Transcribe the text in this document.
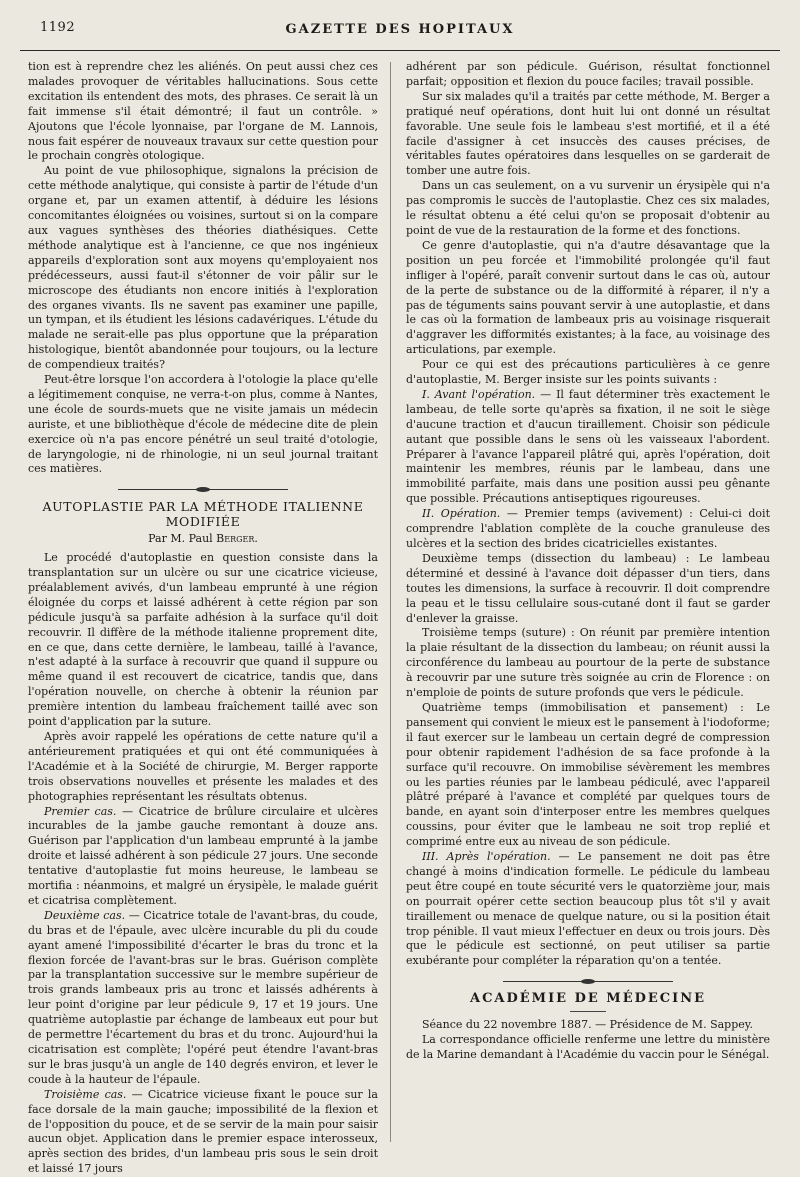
1192	GAZETTE DES HOPITAUX

tion est à reprendre chez les aliénés. On peut aussi chez ces malades provoquer de véritables hallucinations. Sous cette excitation ils entendent des mots, des phrases. Ce serait là un fait immense s'il était démontré; il faut un contrôle. » Ajoutons que l'école lyonnaise, par l'organe de M. Lannois, nous fait espérer de nouveaux travaux sur cette question pour le prochain congrès otologique.

Au point de vue philosophique, signalons la précision de cette méthode analytique, qui consiste à partir de l'étude d'un organe et, par un examen attentif, à déduire les lésions concomitantes éloignées ou voisines, surtout si on la compare aux vagues synthèses des théories diathésiques. Cette méthode analytique est à l'ancienne, ce que nos ingénieux appareils d'exploration sont aux moyens qu'employaient nos prédécesseurs, aussi faut-il s'étonner de voir pâlir sur le microscope des étudiants non encore initiés à l'exploration des organes vivants. Ils ne savent pas examiner une papille, un tympan, et ils étudient les lésions cadavériques. L'étude du malade ne serait-elle pas plus opportune que la préparation histologique, bientôt abandonnée pour toujours, ou la lecture de compendieux traités?

Peut-être lorsque l'on accordera à l'otologie la place qu'elle a légitimement conquise, ne verra-t-on plus, comme à Nantes, une école de sourds-muets que ne visite jamais un médecin auriste, et une bibliothèque d'école de médecine dite de plein exercice où n'a pas encore pénétré un seul traité d'otologie, de laryngologie, ni de rhinologie, ni un seul journal traitant ces matières.

AUTOPLASTIE PAR LA MÉTHODE ITALIENNE MODIFIÉE
Par M. Paul Berger.

Le procédé d'autoplastie en question consiste dans la transplantation sur un ulcère ou sur une cicatrice vicieuse, préalablement avivés, d'un lambeau emprunté à une région éloignée du corps et laissé adhérent à cette région par son pédicule jusqu'à sa parfaite adhésion à la surface qu'il doit recouvrir. Il diffère de la méthode italienne proprement dite, en ce que, dans cette dernière, le lambeau, taillé à l'avance, n'est adapté à la surface à recouvrir que quand il suppure ou même quand il est recouvert de cicatrice, tandis que, dans l'opération nouvelle, on cherche à obtenir la réunion par première intention du lambeau fraîchement taillé avec son point d'application par la suture.

Après avoir rappelé les opérations de cette nature qu'il a antérieurement pratiquées et qui ont été communiquées à l'Académie et à la Société de chirurgie, M. Berger rapporte trois observations nouvelles et présente les malades et des photographies représentant les résultats obtenus.

Premier cas. — Cicatrice de brûlure circulaire et ulcères incurables de la jambe gauche remontant à douze ans. Guérison par l'application d'un lambeau emprunté à la jambe droite et laissé adhérent à son pédicule 27 jours. Une seconde tentative d'autoplastie fut moins heureuse, le lambeau se mortifia : néanmoins, et malgré un érysipèle, le malade guérit et cicatrisa complètement.

Deuxième cas. — Cicatrice totale de l'avant-bras, du coude, du bras et de l'épaule, avec ulcère incurable du pli du coude ayant amené l'impossibilité d'écarter le bras du tronc et la flexion forcée de l'avant-bras sur le bras. Guérison complète par la transplantation successive sur le membre supérieur de trois grands lambeaux pris au tronc et laissés adhérents à leur point d'origine par leur pédicule 9, 17 et 19 jours. Une quatrième autoplastie par échange de lambeaux eut pour but de permettre l'écartement du bras et du tronc. Aujourd'hui la cicatrisation est complète; l'opéré peut étendre l'avant-bras sur le bras jusqu'à un angle de 140 degrés environ, et lever le coude à la hauteur de l'épaule.

Troisième cas. — Cicatrice vicieuse fixant le pouce sur la face dorsale de la main gauche; impossibilité de la flexion et de l'opposition du pouce, et de se servir de la main pour saisir aucun objet. Application dans le premier espace interosseux, après section des brides, d'un lambeau pris sous le sein droit et laissé 17 jours

adhérent par son pédicule. Guérison, résultat fonctionnel parfait; opposition et flexion du pouce faciles; travail possible.

Sur six malades qu'il a traités par cette méthode, M. Berger a pratiqué neuf opérations, dont huit lui ont donné un résultat favorable. Une seule fois le lambeau s'est mortifié, et il a été facile d'assigner à cet insuccès des causes précises, de véritables fautes opératoires dans lesquelles on se garderait de tomber une autre fois.

Dans un cas seulement, on a vu survenir un érysipèle qui n'a pas compromis le succès de l'autoplastie. Chez ces six malades, le résultat obtenu a été celui qu'on se proposait d'obtenir au point de vue de la restauration de la forme et des fonctions.

Ce genre d'autoplastie, qui n'a d'autre désavantage que la position un peu forcée et l'immobilité prolongée qu'il faut infliger à l'opéré, paraît convenir surtout dans le cas où, autour de la perte de substance ou de la difformité à réparer, il n'y a pas de téguments sains pouvant servir à une autoplastie, et dans le cas où la formation de lambeaux pris au voisinage risquerait d'aggraver les difformités existantes; à la face, au voisinage des articulations, par exemple.

Pour ce qui est des précautions particulières à ce genre d'autoplastie, M. Berger insiste sur les points suivants :

I. Avant l'opération. — Il faut déterminer très exactement le lambeau, de telle sorte qu'après sa fixation, il ne soit le siège d'aucune traction et d'aucun tiraillement. Choisir son pédicule autant que possible dans le sens où les vaisseaux l'abordent. Préparer à l'avance l'appareil plâtré qui, après l'opération, doit maintenir les membres, réunis par le lambeau, dans une immobilité parfaite, mais dans une position aussi peu gênante que possible. Précautions antiseptiques rigoureuses.

II. Opération. — Premier temps (avivement) : Celui-ci doit comprendre l'ablation complète de la couche granuleuse des ulcères et la section des brides cicatricielles existantes.

Deuxième temps (dissection du lambeau) : Le lambeau déterminé et dessiné à l'avance doit dépasser d'un tiers, dans toutes les dimensions, la surface à recouvrir. Il doit comprendre la peau et le tissu cellulaire sous-cutané dont il faut se garder d'enlever la graisse.

Troisième temps (suture) : On réunit par première intention la plaie résultant de la dissection du lambeau; on réunit aussi la circonférence du lambeau au pourtour de la perte de substance à recouvrir par une suture très soignée au crin de Florence : on n'emploie de points de suture profonds que vers le pédicule.

Quatrième temps (immobilisation et pansement) : Le pansement qui convient le mieux est le pansement à l'iodoforme; il faut exercer sur le lambeau un certain degré de compression pour obtenir rapidement l'adhésion de sa face profonde à la surface qu'il recouvre. On immobilise sévèrement les membres ou les parties réunies par le lambeau pédiculé, avec l'appareil plâtré préparé à l'avance et complété par quelques tours de bande, en ayant soin d'interposer entre les membres quelques coussins, pour éviter que le lambeau ne soit trop replié et comprimé entre eux au niveau de son pédicule.

III. Après l'opération. — Le pansement ne doit pas être changé à moins d'indication formelle. Le pédicule du lambeau peut être coupé en toute sécurité vers le quatorzième jour, mais on pourrait opérer cette section beaucoup plus tôt s'il y avait tiraillement ou menace de quelque nature, ou si la position était trop pénible. Il vaut mieux l'effectuer en deux ou trois jours. Dès que le pédicule est sectionné, on peut utiliser sa partie exubérante pour compléter la réparation qu'on a tentée.

ACADÉMIE DE MÉDECINE

Séance du 22 novembre 1887. — Présidence de M. Sappey.

La correspondance officielle renferme une lettre du ministère de la Marine demandant à l'Académie du vaccin pour le Sénégal.
